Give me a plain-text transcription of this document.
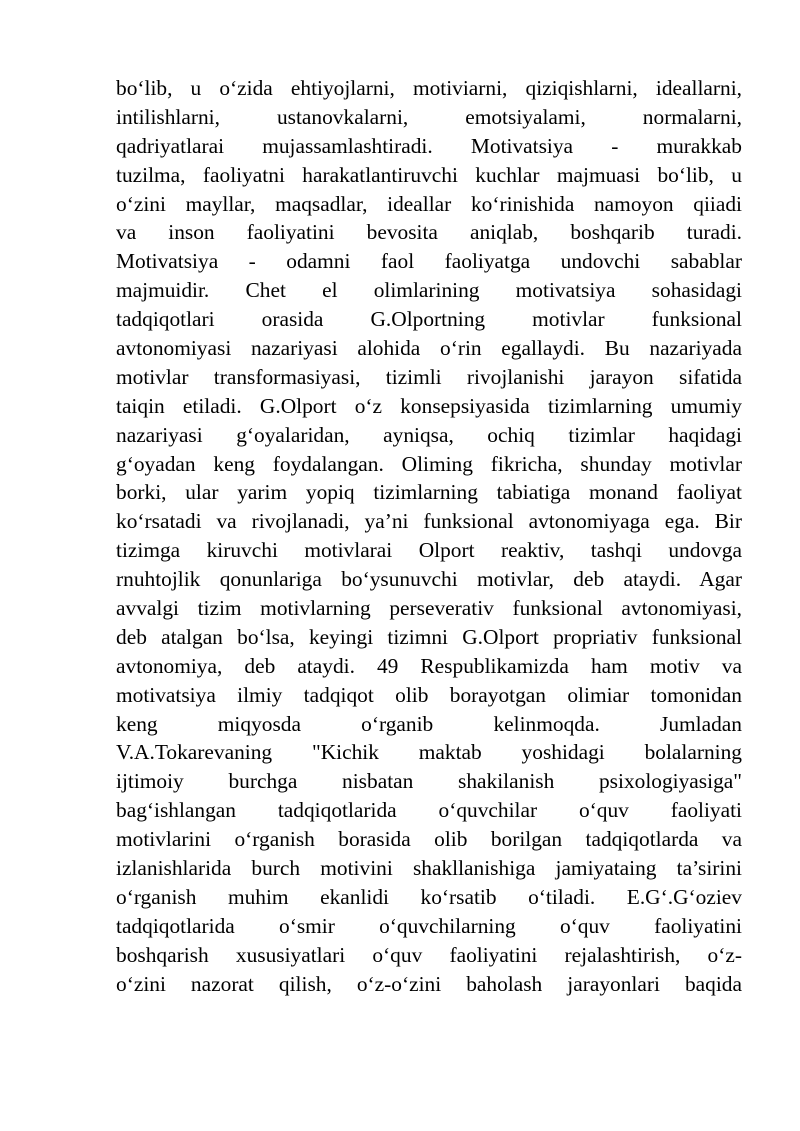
bo‘lib, u o‘zida ehtiyojlarni, motiviarni, qiziqishlarni, ideallarni,
intilishlarni, ustanovkalarni, emotsiyalami, normalarni,
qadriyatlarai mujassamlashtiradi. Motivatsiya - murakkab
tuzilma, faoliyatni harakatlantiruvchi kuchlar majmuasi bo‘lib, u
o‘zini mayllar, maqsadlar, ideallar ko‘rinishida namoyon qiiadi
va inson faoliyatini bevosita aniqlab, boshqarib turadi.
Motivatsiya - odamni faol faoliyatga undovchi sabablar
majmuidir. Chet el olimlarining motivatsiya sohasidagi
tadqiqotlari orasida G.Olportning motivlar funksional
avtonomiyasi nazariyasi alohida o‘rin egallaydi. Bu nazariyada
motivlar transformasiyasi, tizimli rivojlanishi jarayon sifatida
taiqin etiladi. G.Olport o‘z konsepsiyasida tizimlarning umumiy
nazariyasi g‘oyalaridan, ayniqsa, ochiq tizimlar haqidagi
g‘oyadan keng foydalangan. Oliming fikricha, shunday motivlar
borki, ular yarim yopiq tizimlarning tabiatiga monand faoliyat
ko‘rsatadi va rivojlanadi, ya’ni funksional avtonomiyaga ega. Bir
tizimga kiruvchi motivlarai Olport reaktiv, tashqi undovga
rnuhtojlik qonunlariga bo‘ysunuvchi motivlar, deb ataydi. Agar
avvalgi tizim motivlarning perseverativ funksional avtonomiyasi,
deb atalgan bo‘lsa, keyingi tizimni G.Olport propriativ funksional
avtonomiya, deb ataydi. 49 Respublikamizda ham motiv va
motivatsiya ilmiy tadqiqot olib borayotgan olimiar tomonidan
keng miqyosda o‘rganib kelinmoqda. Jumladan
V.A.Tokarevaning "Kichik maktab yoshidagi bolalarning
ijtimoiy burchga nisbatan shakilanish psixologiyasiga"
bag‘ishlangan tadqiqotlarida o‘quvchilar o‘quv faoliyati
motivlarini o‘rganish borasida olib borilgan tadqiqotlarda va
izlanishlarida burch motivini shakllanishiga jamiyataing ta’sirini
o‘rganish muhim ekanlidi ko‘rsatib o‘tiladi. E.G‘.G‘oziev
tadqiqotlarida o‘smir o‘quvchilarning o‘quv faoliyatini
boshqarish xususiyatlari o‘quv faoliyatini rejalashtirish, o‘z-
o‘zini nazorat qilish, o‘z-o‘zini baholash jarayonlari baqida
